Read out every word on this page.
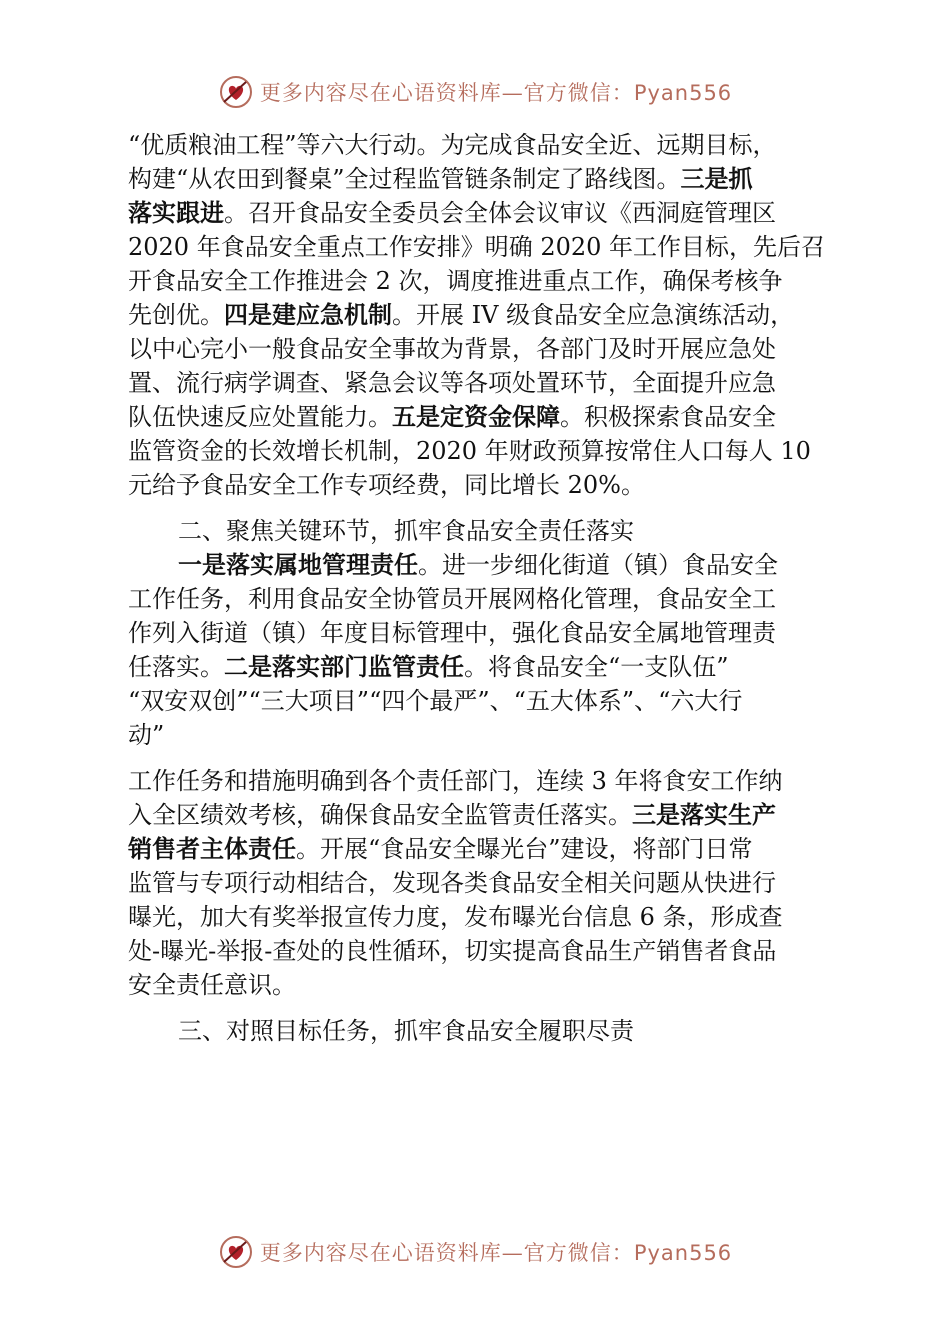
更多内容尽在心语资料库—官方微信：Pyan556
“优质粮油工程”等六大行动。为完成食品安全近、远期目标，
构建“从农田到餐桌”全过程监管链条制定了路线图。三是抓
落实跟进。召开食品安全委员会全体会议审议《西洞庭管理区
2020 年食品安全重点工作安排》明确 2020 年工作目标，先后召
开食品安全工作推进会 2 次，调度推进重点工作，确保考核争
先创优。四是建应急机制。开展 IV 级食品安全应急演练活动，
以中心完小一般食品安全事故为背景，各部门及时开展应急处
置、流行病学调查、紧急会议等各项处置环节，全面提升应急
队伍快速反应处置能力。五是定资金保障。积极探索食品安全
监管资金的长效增长机制，2020 年财政预算按常住人口每人 10
元给予食品安全工作专项经费，同比增长 20%。
二、聚焦关键环节，抓牢食品安全责任落实
一是落实属地管理责任。进一步细化街道（镇）食品安全
工作任务，利用食品安全协管员开展网格化管理，食品安全工
作列入街道（镇）年度目标管理中，强化食品安全属地管理责
任落实。二是落实部门监管责任。将食品安全“一支队伍”
“双安双创”“三大项目”“四个最严”、“五大体系”、“六大行
动”
工作任务和措施明确到各个责任部门，连续 3 年将食安工作纳
入全区绩效考核，确保食品安全监管责任落实。三是落实生产
销售者主体责任。开展“食品安全曝光台”建设，将部门日常
监管与专项行动相结合，发现各类食品安全相关问题从快进行
曝光，加大有奖举报宣传力度，发布曝光台信息 6 条，形成查
处-曝光-举报-查处的良性循环，切实提高食品生产销售者食品
安全责任意识。
三、对照目标任务，抓牢食品安全履职尽责
更多内容尽在心语资料库—官方微信：Pyan556
